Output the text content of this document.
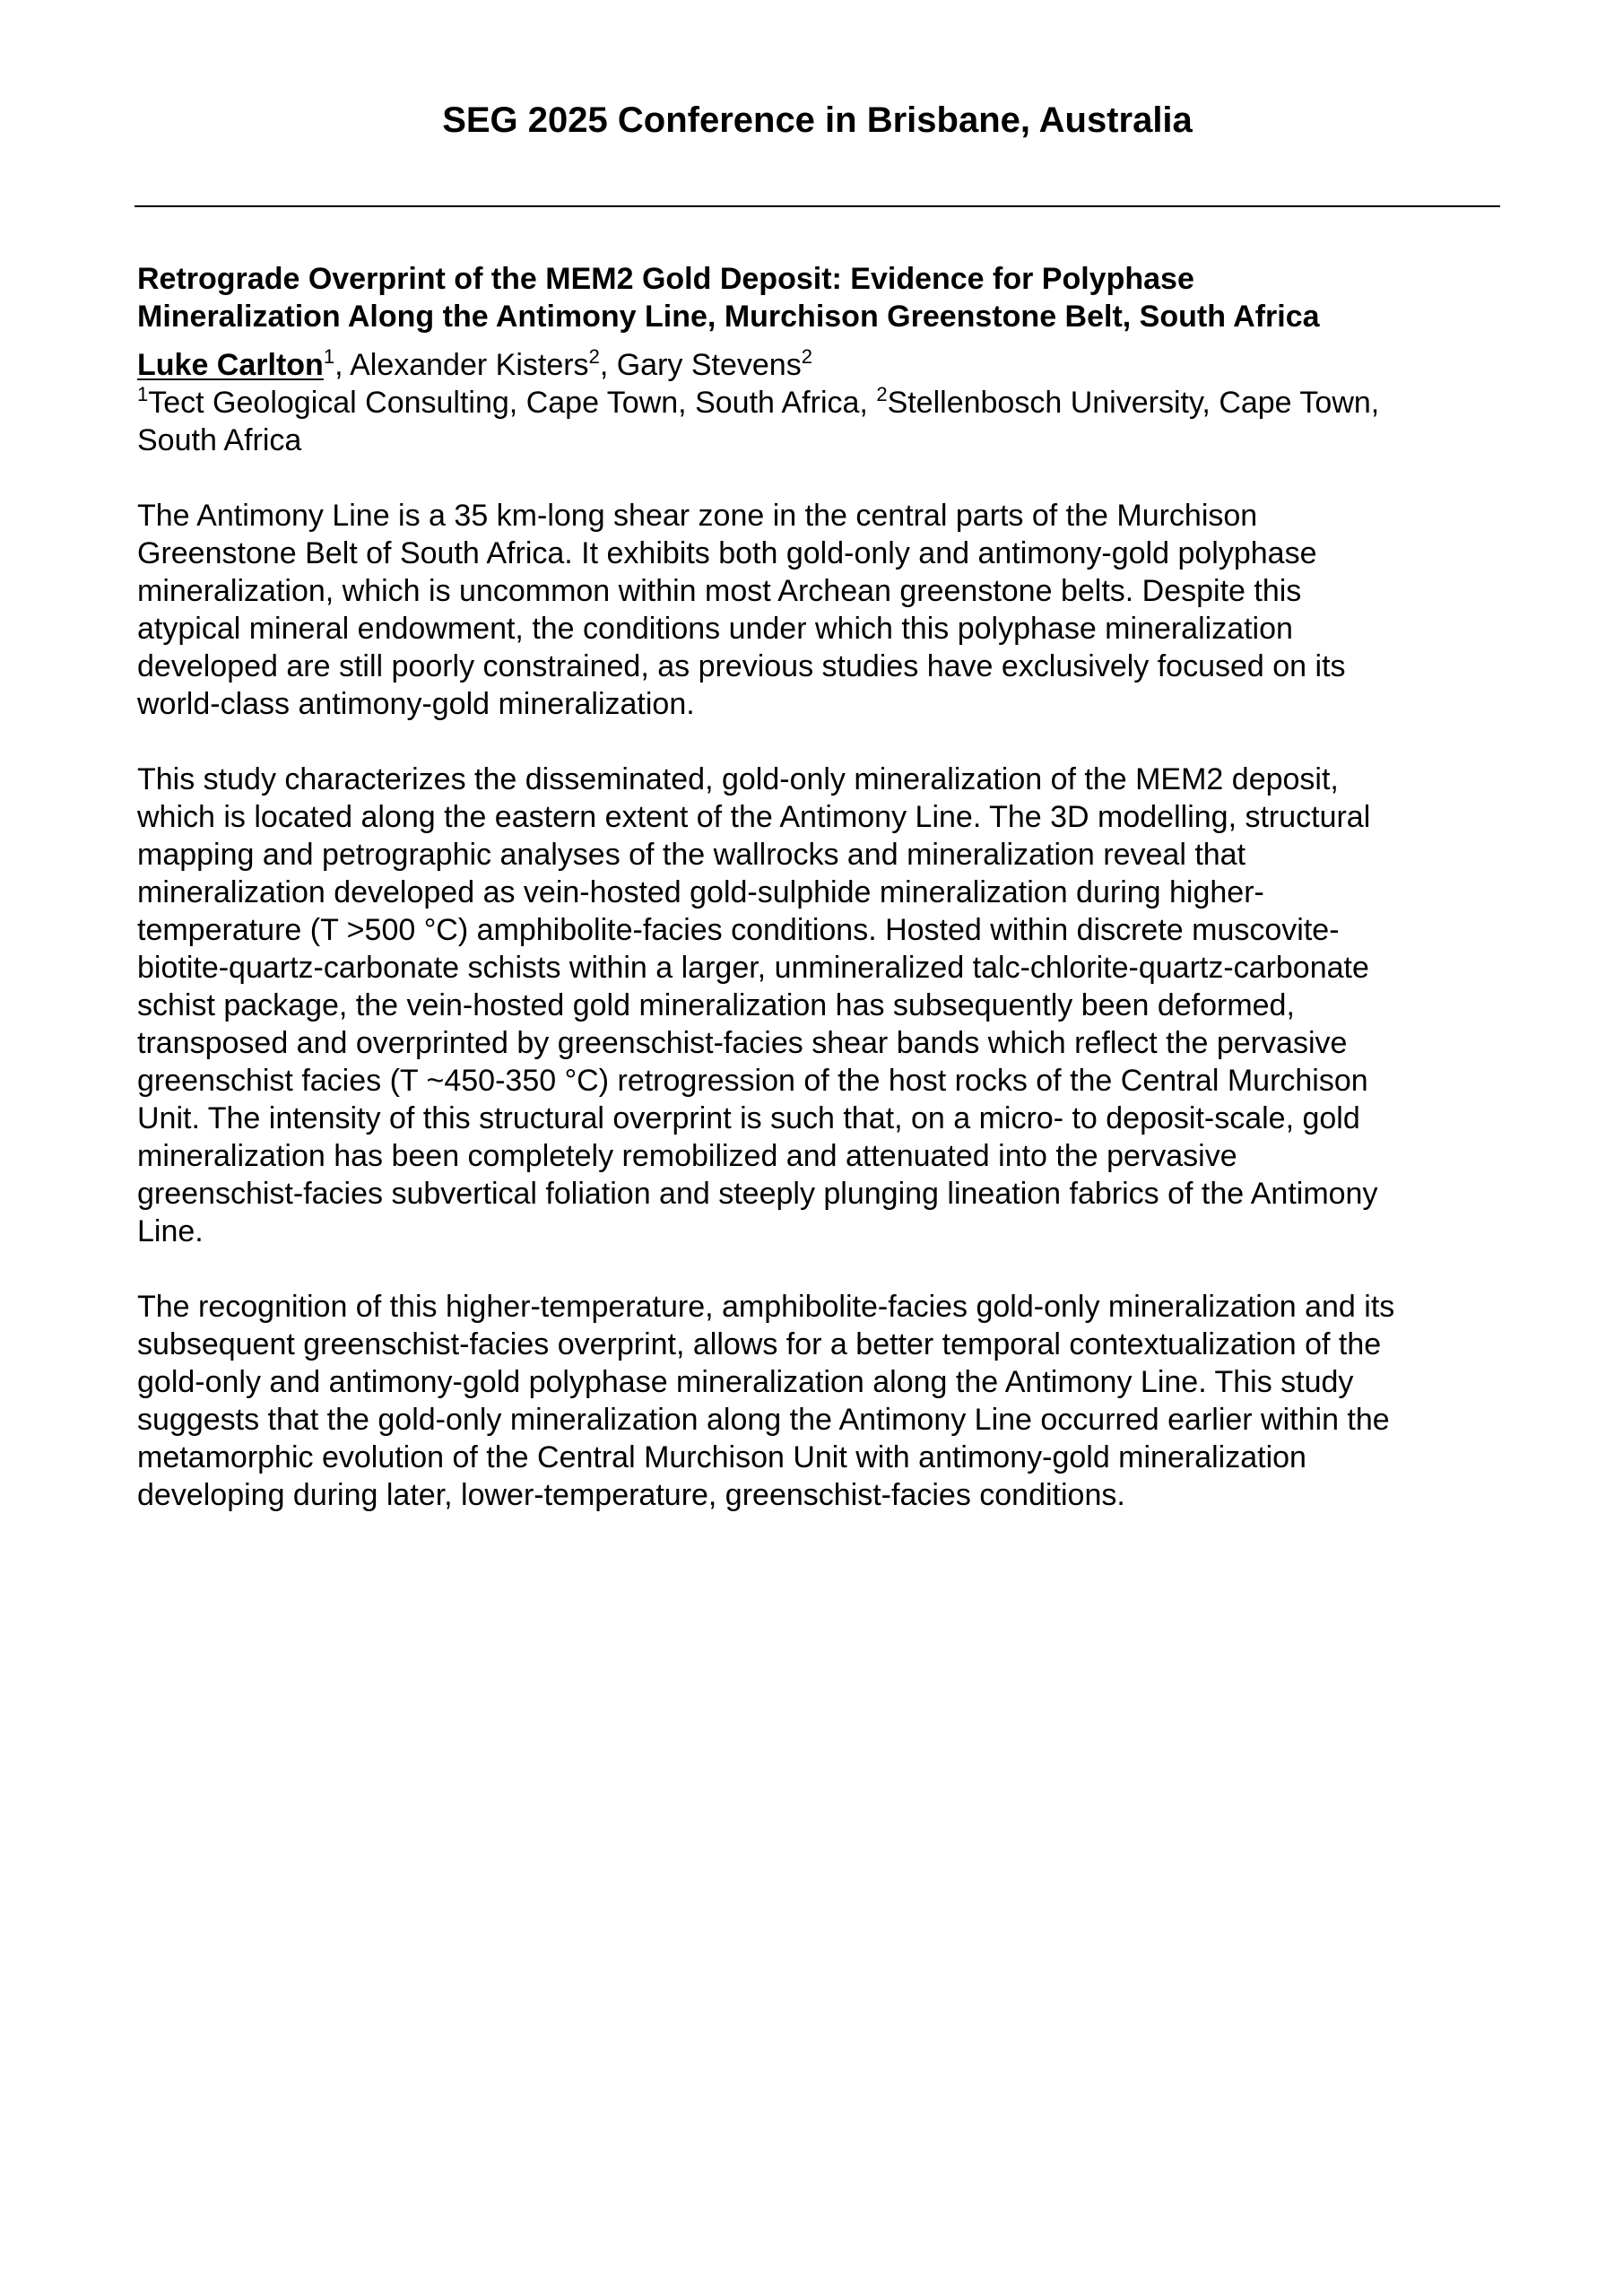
SEG 2025 Conference in Brisbane, Australia
Retrograde Overprint of the MEM2 Gold Deposit: Evidence for Polyphase
Mineralization Along the Antimony Line, Murchison Greenstone Belt, South Africa
Luke Carlton$^1$, Alexander Kisters$^2$, Gary Stevens$^2$
$^1$Tect Geological Consulting, Cape Town, South Africa, $^2$Stellenbosch University, Cape Town,
South Africa
The Antimony Line is a 35 km-long shear zone in the central parts of the Murchison
Greenstone Belt of South Africa. It exhibits both gold-only and antimony-gold polyphase
mineralization, which is uncommon within most Archean greenstone belts. Despite this
atypical mineral endowment, the conditions under which this polyphase mineralization
developed are still poorly constrained, as previous studies have exclusively focused on its
world-class antimony-gold mineralization.
This study characterizes the disseminated, gold-only mineralization of the MEM2 deposit,
which is located along the eastern extent of the Antimony Line. The 3D modelling, structural
mapping and petrographic analyses of the wallrocks and mineralization reveal that
mineralization developed as vein-hosted gold-sulphide mineralization during higher-
temperature (T >500 °C) amphibolite-facies conditions. Hosted within discrete muscovite-
biotite-quartz-carbonate schists within a larger, unmineralized talc-chlorite-quartz-carbonate
schist package, the vein-hosted gold mineralization has subsequently been deformed,
transposed and overprinted by greenschist-facies shear bands which reflect the pervasive
greenschist facies (T ~450-350 °C) retrogression of the host rocks of the Central Murchison
Unit. The intensity of this structural overprint is such that, on a micro- to deposit-scale, gold
mineralization has been completely remobilized and attenuated into the pervasive
greenschist-facies subvertical foliation and steeply plunging lineation fabrics of the Antimony
Line.
The recognition of this higher-temperature, amphibolite-facies gold-only mineralization and its
subsequent greenschist-facies overprint, allows for a better temporal contextualization of the
gold-only and antimony-gold polyphase mineralization along the Antimony Line. This study
suggests that the gold-only mineralization along the Antimony Line occurred earlier within the
metamorphic evolution of the Central Murchison Unit with antimony-gold mineralization
developing during later, lower-temperature, greenschist-facies conditions.
